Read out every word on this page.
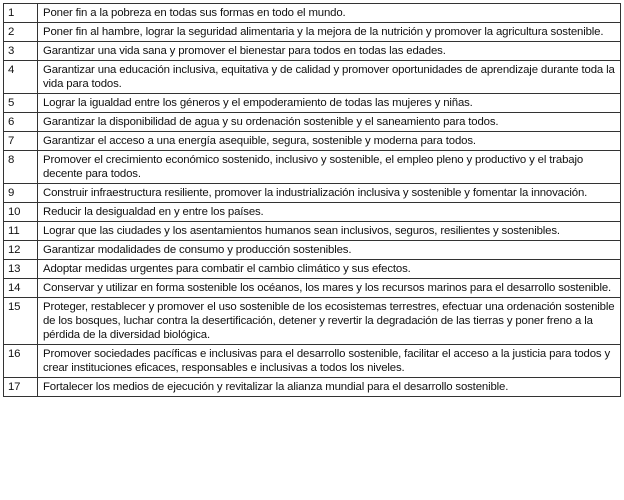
1	Poner fin a la pobreza en todas sus formas en todo el mundo.
2	Poner fin al hambre, lograr la seguridad alimentaria y la mejora de la nutrición y promover la agricultura sostenible.
3	Garantizar una vida sana y promover el bienestar para todos en todas las edades.
4	Garantizar una educación inclusiva, equitativa y de calidad y promover oportunidades de aprendizaje durante toda la vida para todos.
5	Lograr la igualdad entre los géneros y el empoderamiento de todas las mujeres y niñas.
6	Garantizar la disponibilidad de agua y su ordenación sostenible y el saneamiento para todos.
7	Garantizar el acceso a una energía asequible, segura, sostenible y moderna para todos.
8	Promover el crecimiento económico sostenido, inclusivo y sostenible, el empleo pleno y productivo y el trabajo decente para todos.
9	Construir infraestructura resiliente, promover la industrialización inclusiva y sostenible y fomentar la innovación.
10	Reducir la desigualdad en y entre los países.
11	Lograr que las ciudades y los asentamientos humanos sean inclusivos, seguros, resilientes y sostenibles.
12	Garantizar modalidades de consumo y producción sostenibles.
13	Adoptar medidas urgentes para combatir el cambio climático y sus efectos.
14	Conservar y utilizar en forma sostenible los océanos, los mares y los recursos marinos para el desarrollo sostenible.
15	Proteger, restablecer y promover el uso sostenible de los ecosistemas terrestres, efectuar una ordenación sostenible de los bosques, luchar contra la desertificación, detener y revertir la degradación de las tierras y poner freno a la pérdida de la diversidad biológica.
16	Promover sociedades pacíficas e inclusivas para el desarrollo sostenible, facilitar el acceso a la justicia para todos y crear instituciones eficaces, responsables e inclusivas a todos los niveles.
17	Fortalecer los medios de ejecución y revitalizar la alianza mundial para el desarrollo sostenible.
